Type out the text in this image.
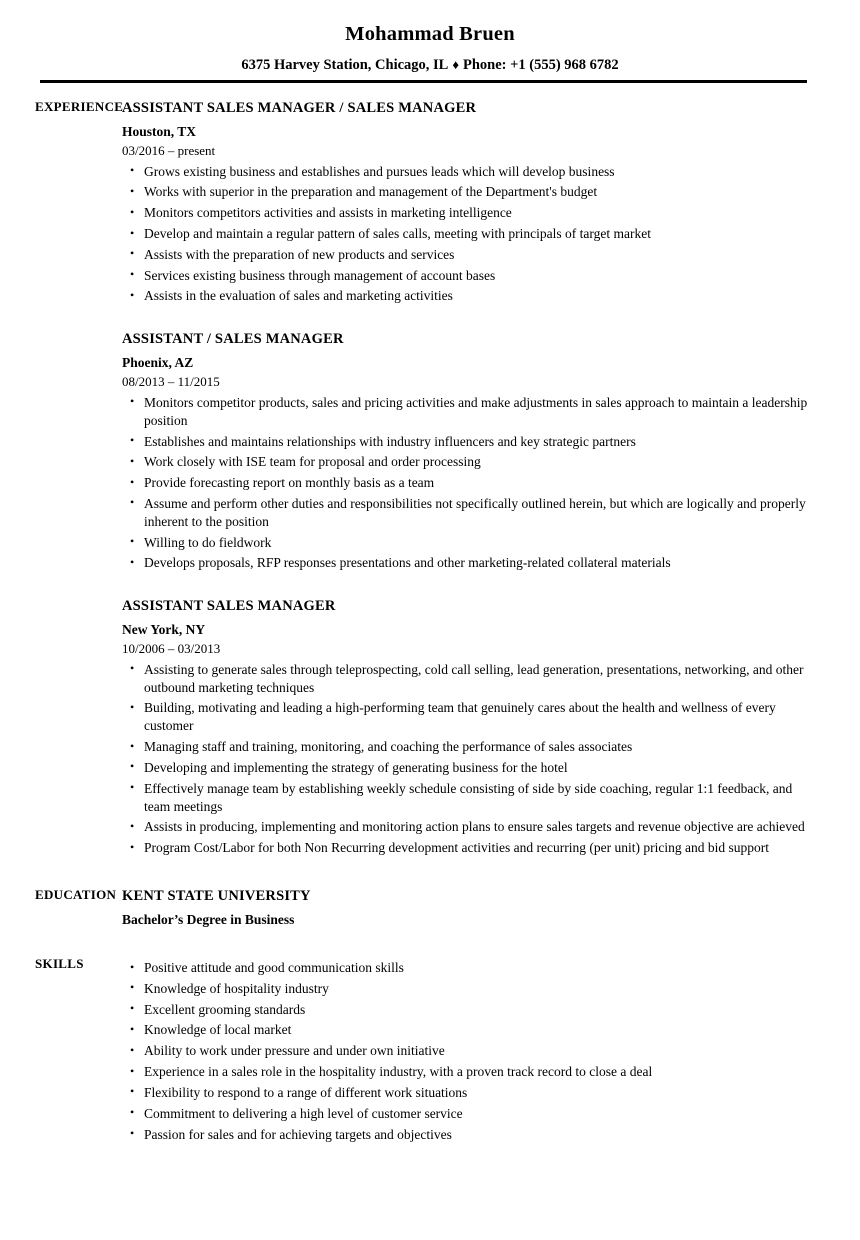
Mohammad Bruen
6375 Harvey Station, Chicago, IL ♦ Phone: +1 (555) 968 6782
EXPERIENCE
ASSISTANT SALES MANAGER / SALES MANAGER
Houston, TX
03/2016 – present
• Grows existing business and establishes and pursues leads which will develop business
• Works with superior in the preparation and management of the Department's budget
• Monitors competitors activities and assists in marketing intelligence
• Develop and maintain a regular pattern of sales calls, meeting with principals of target market
• Assists with the preparation of new products and services
• Services existing business through management of account bases
• Assists in the evaluation of sales and marketing activities
ASSISTANT / SALES MANAGER
Phoenix, AZ
08/2013 – 11/2015
• Monitors competitor products, sales and pricing activities and make adjustments in sales approach to maintain a leadership position
• Establishes and maintains relationships with industry influencers and key strategic partners
• Work closely with ISE team for proposal and order processing
• Provide forecasting report on monthly basis as a team
• Assume and perform other duties and responsibilities not specifically outlined herein, but which are logically and properly inherent to the position
• Willing to do fieldwork
• Develops proposals, RFP responses presentations and other marketing-related collateral materials
ASSISTANT SALES MANAGER
New York, NY
10/2006 – 03/2013
• Assisting to generate sales through teleprospecting, cold call selling, lead generation, presentations, networking, and other outbound marketing techniques
• Building, motivating and leading a high-performing team that genuinely cares about the health and wellness of every customer
• Managing staff and training, monitoring, and coaching the performance of sales associates
• Developing and implementing the strategy of generating business for the hotel
• Effectively manage team by establishing weekly schedule consisting of side by side coaching, regular 1:1 feedback, and team meetings
• Assists in producing, implementing and monitoring action plans to ensure sales targets and revenue objective are achieved
• Program Cost/Labor for both Non Recurring development activities and recurring (per unit) pricing and bid support
EDUCATION KENT STATE UNIVERSITY
Bachelor’s Degree in Business
SKILLS	• Positive attitude and good communication skills
• Knowledge of hospitality industry
• Excellent grooming standards
• Knowledge of local market
• Ability to work under pressure and under own initiative
• Experience in a sales role in the hospitality industry, with a proven track record to close a deal
• Flexibility to respond to a range of different work situations
• Commitment to delivering a high level of customer service
• Passion for sales and for achieving targets and objectives
